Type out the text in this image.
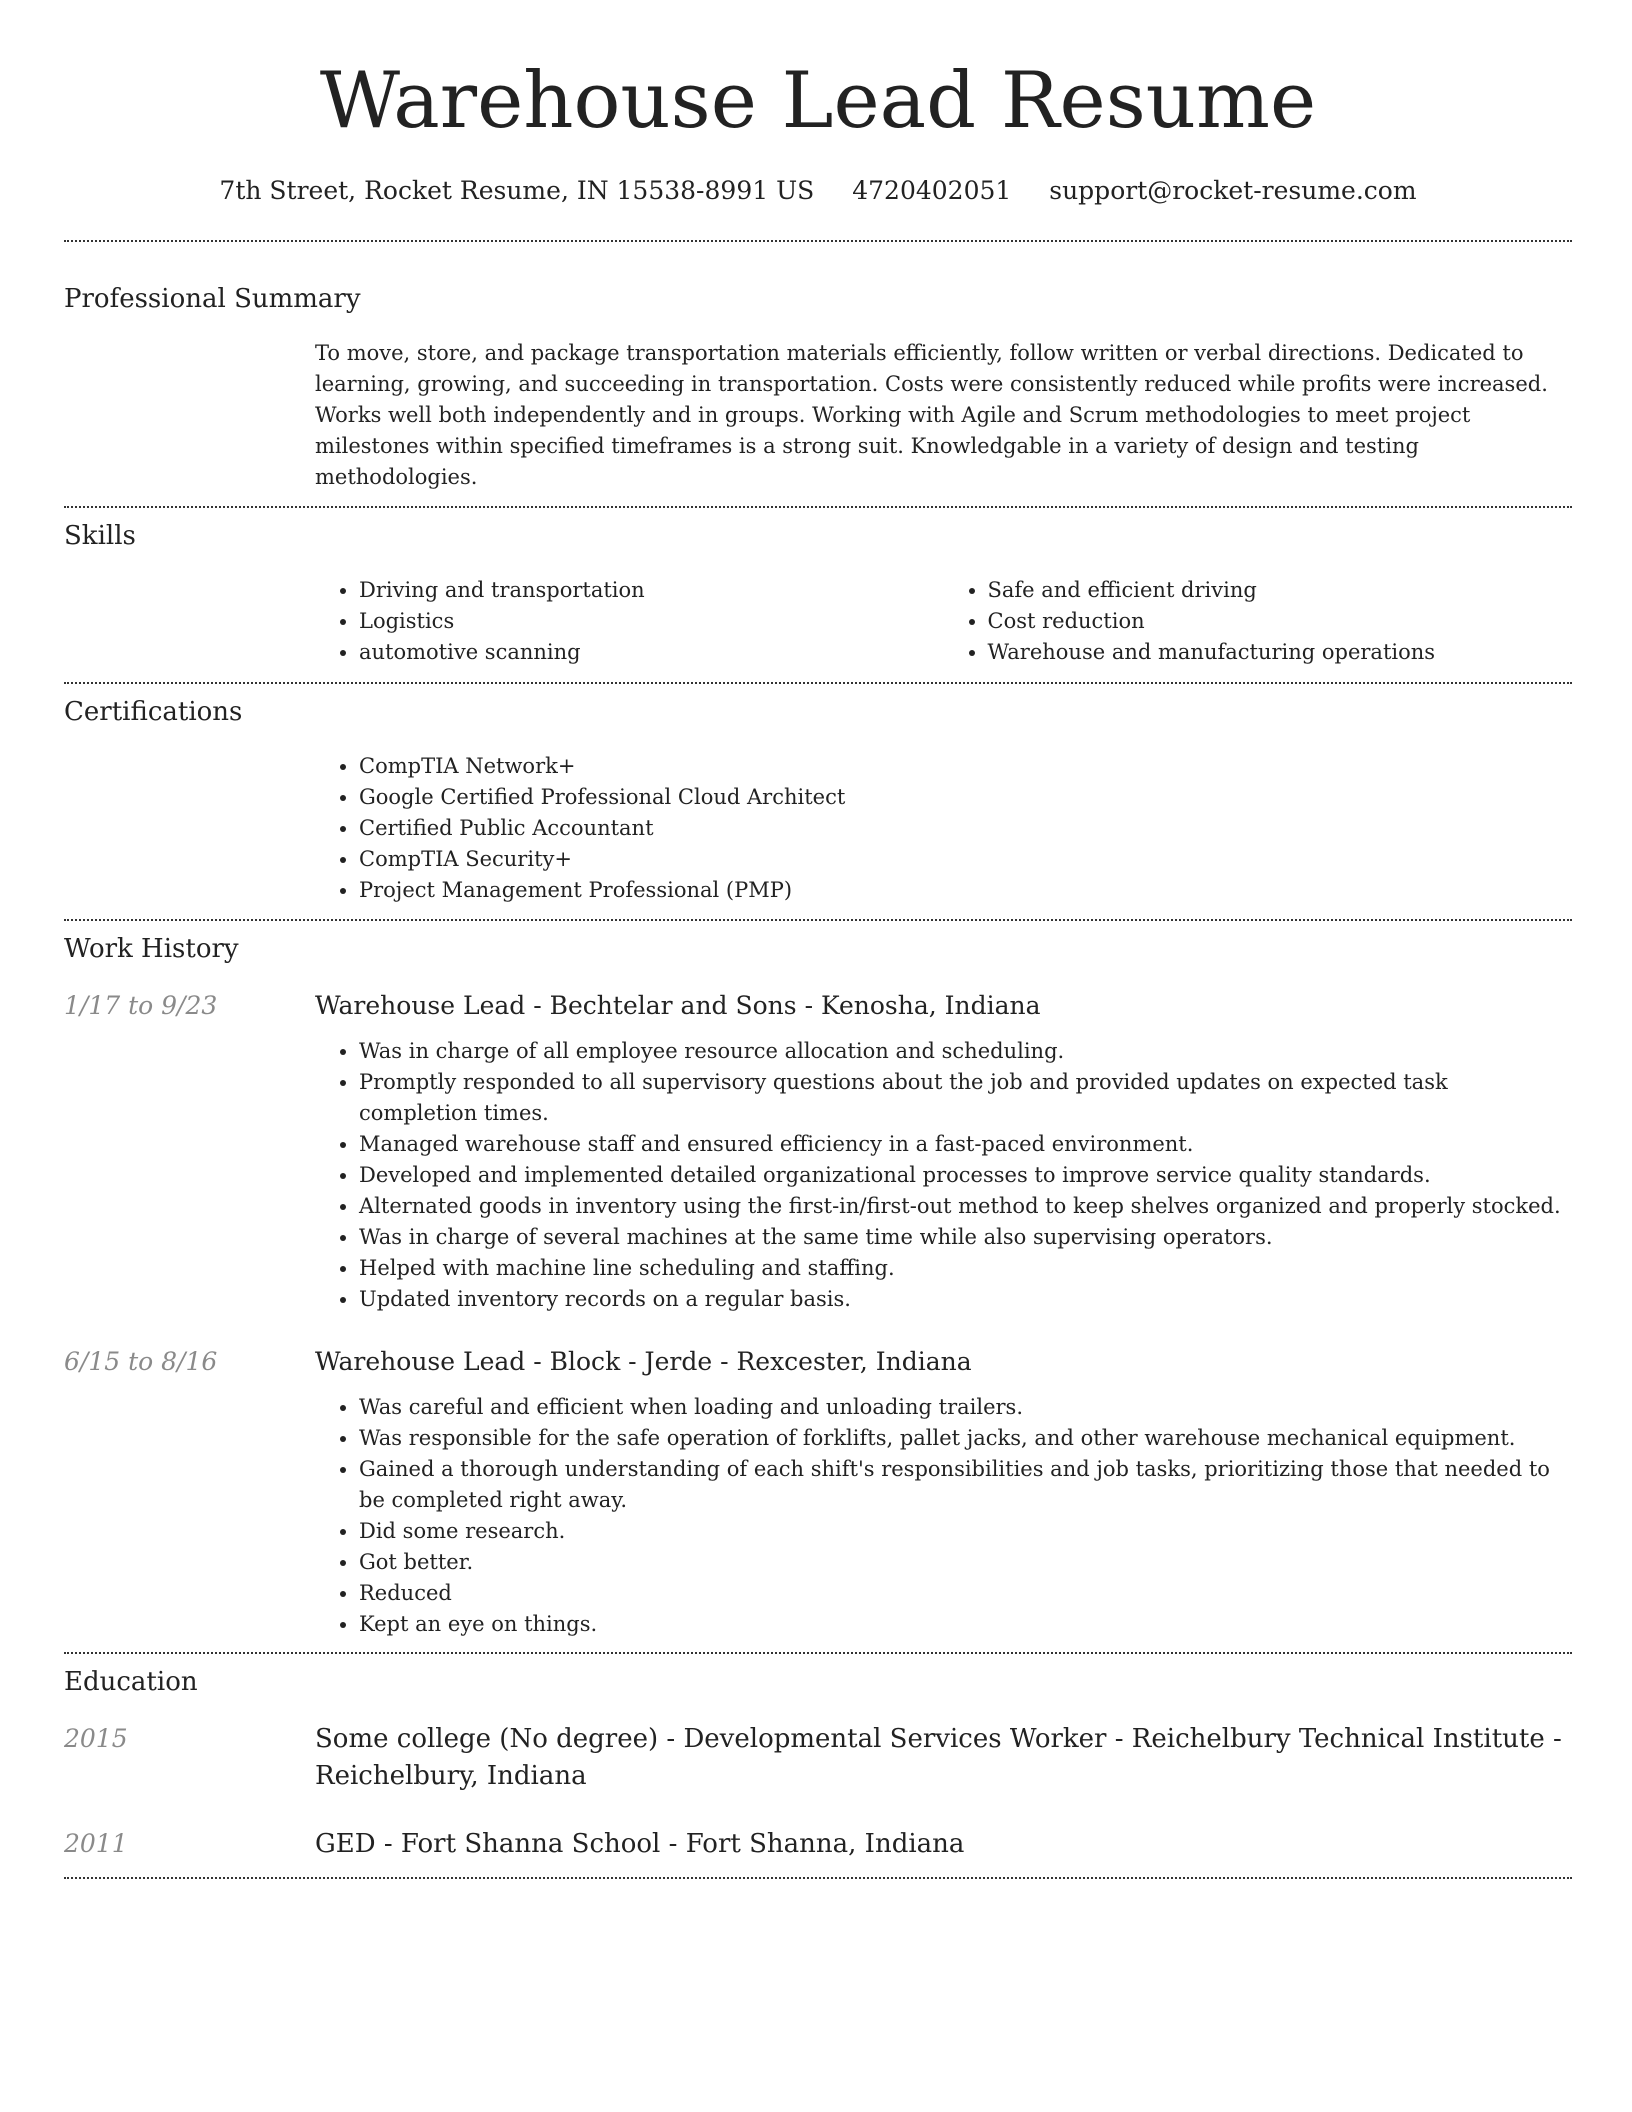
Warehouse Lead Resume
7th Street, Rocket Resume, IN 15538-8991 US 4720402051 support@rocket-resume.com
Professional Summary

To move, store, and package transportation materials efficiently, follow written or verbal directions. Dedicated to learning, growing, and succeeding in transportation. Costs were consistently reduced while profits were increased. Works well both independently and in groups. Working with Agile and Scrum methodologies to meet project milestones within specified timeframes is a strong suit. Knowledgable in a variety of design and testing methodologies.

Skills
• Driving and transportation
• Logistics
• automotive scanning
• Safe and efficient driving
• Cost reduction
• Warehouse and manufacturing operations
Certifications
• CompTIA Network+
• Google Certified Professional Cloud Architect
• Certified Public Accountant
• CompTIA Security+
• Project Management Professional (PMP)
Work History
1/17 to 9/23	Warehouse Lead - Bechtelar and Sons - Kenosha, Indiana
• Was in charge of all employee resource allocation and scheduling.
• Promptly responded to all supervisory questions about the job and provided updates on expected task completion times.
• Managed warehouse staff and ensured efficiency in a fast-paced environment.
• Developed and implemented detailed organizational processes to improve service quality standards.
• Alternated goods in inventory using the first-in/first-out method to keep shelves organized and properly stocked.
• Was in charge of several machines at the same time while also supervising operators.
• Helped with machine line scheduling and staffing.
• Updated inventory records on a regular basis.
6/15 to 8/16	Warehouse Lead - Block - Jerde - Rexcester, Indiana
• Was careful and efficient when loading and unloading trailers.
• Was responsible for the safe operation of forklifts, pallet jacks, and other warehouse mechanical equipment.
• Gained a thorough understanding of each shift's responsibilities and job tasks, prioritizing those that needed to be completed right away.
• Did some research.
• Got better.
• Reduced
• Kept an eye on things.
Education
2015	Some college (No degree) - Developmental Services Worker - Reichelbury Technical Institute - Reichelbury, Indiana
2011	GED - Fort Shanna School - Fort Shanna, Indiana
